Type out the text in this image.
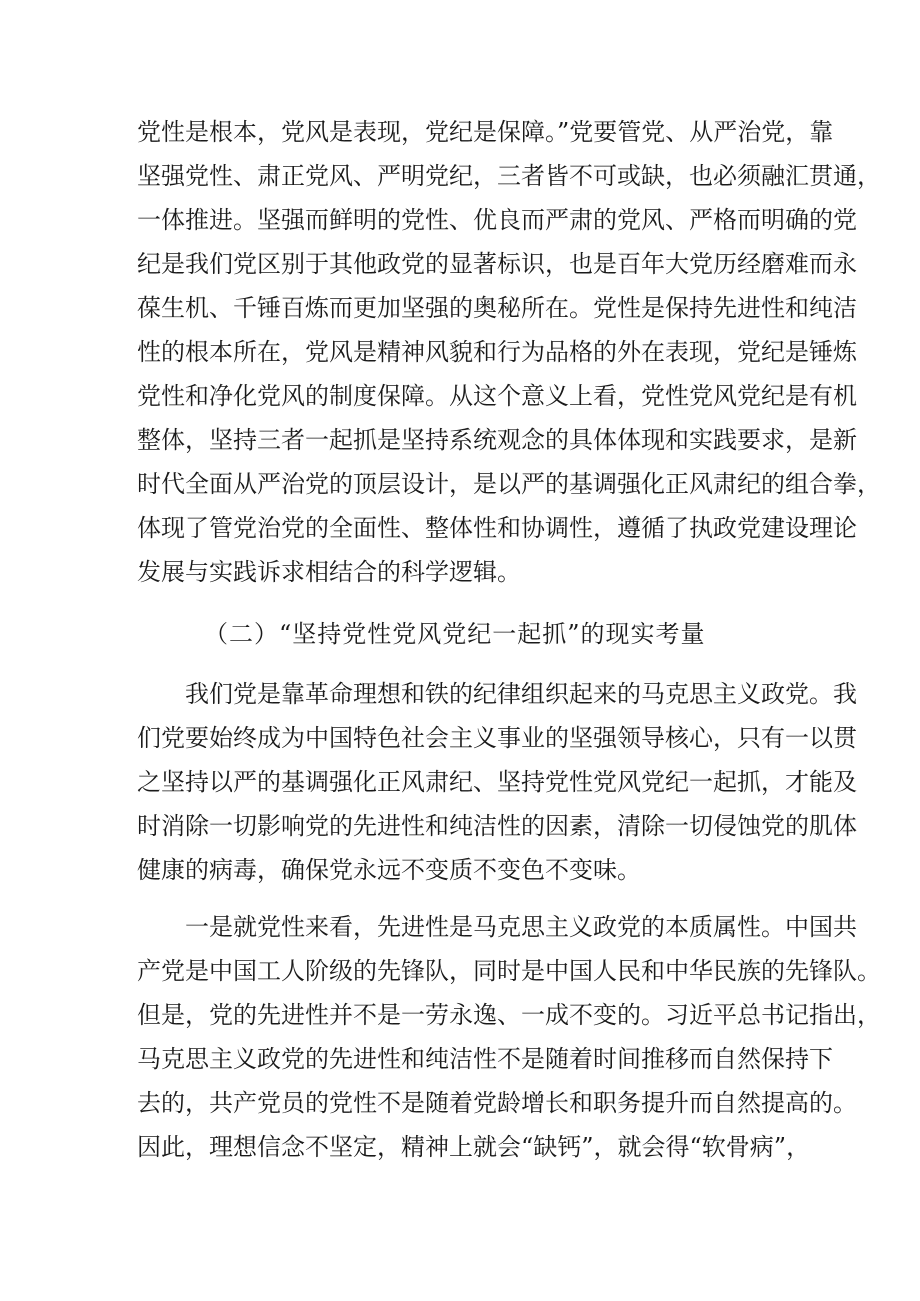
党性是根本，党风是表现，党纪是保障。”党要管党、从严治党，靠
坚强党性、肃正党风、严明党纪，三者皆不可或缺，也必须融汇贯通，
一体推进。坚强而鲜明的党性、优良而严肃的党风、严格而明确的党
纪是我们党区别于其他政党的显著标识，也是百年大党历经磨难而永
葆生机、千锤百炼而更加坚强的奥秘所在。党性是保持先进性和纯洁
性的根本所在，党风是精神风貌和行为品格的外在表现，党纪是锤炼
党性和净化党风的制度保障。从这个意义上看，党性党风党纪是有机
整体，坚持三者一起抓是坚持系统观念的具体体现和实践要求，是新
时代全面从严治党的顶层设计，是以严的基调强化正风肃纪的组合拳，
体现了管党治党的全面性、整体性和协调性，遵循了执政党建设理论
发展与实践诉求相结合的科学逻辑。
（二）“坚持党性党风党纪一起抓”的现实考量
我们党是靠革命理想和铁的纪律组织起来的马克思主义政党。我
们党要始终成为中国特色社会主义事业的坚强领导核心，只有一以贯
之坚持以严的基调强化正风肃纪、坚持党性党风党纪一起抓，才能及
时消除一切影响党的先进性和纯洁性的因素，清除一切侵蚀党的肌体
健康的病毒，确保党永远不变质不变色不变味。
一是就党性来看，先进性是马克思主义政党的本质属性。中国共
产党是中国工人阶级的先锋队，同时是中国人民和中华民族的先锋队。
但是，党的先进性并不是一劳永逸、一成不变的。习近平总书记指出，
马克思主义政党的先进性和纯洁性不是随着时间推移而自然保持下
去的，共产党员的党性不是随着党龄增长和职务提升而自然提高的。
因此，理想信念不坚定，精神上就会“缺钙”，就会得“软骨病”，
